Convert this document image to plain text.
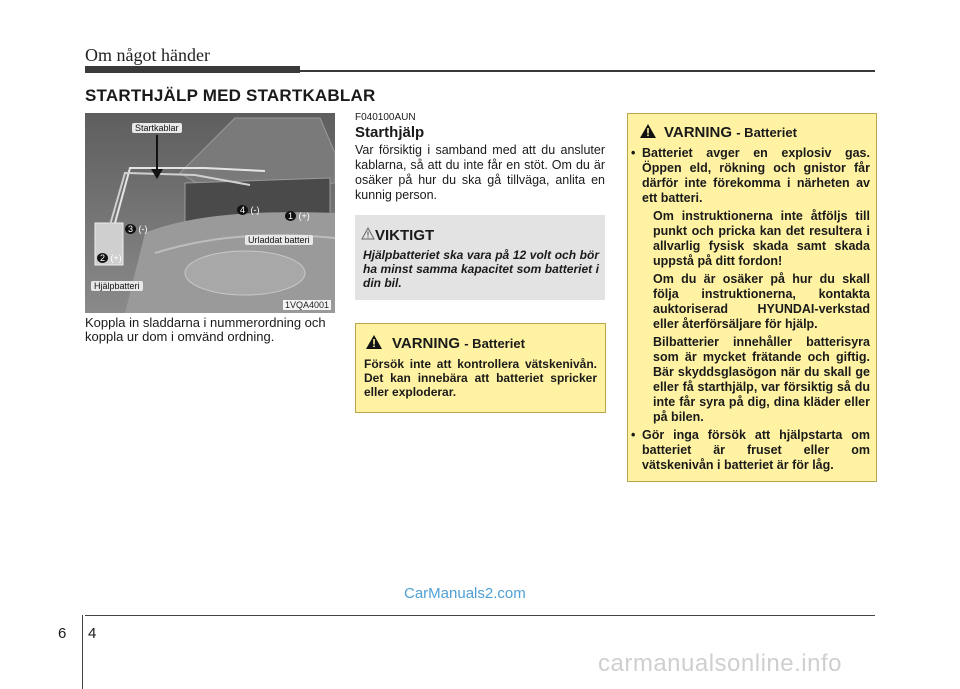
Om något händer
STARTHJÄLP MED STARTKABLAR
Startkablar
Urladdat batteri
Hjälpbatteri
1 (+)
2 (+)
3 (-)
4 (-)
1VQA4001
Koppla in sladdarna i nummerordning och koppla ur dom i omvänd ordning.
F040100AUN
Starthjälp
Var försiktig i samband med att du ansluter kablarna, så att du inte får en stöt. Om du är osäker på hur du ska gå tillväga, anlita en kunnig person.
VIKTIGT
Hjälpbatteriet ska vara på 12 volt och bör ha minst samma kapacitet som batteriet i din bil.
VARNING - Batteriet
Försök inte att kontrollera vätskenivån. Det kan innebära att batteriet spricker eller exploderar.
VARNING - Batteriet

• Batteriet avger en explosiv gas. Öppen eld, rökning och gnistor får därför inte förekomma i närheten av ett batteri.

Om instruktionerna inte åtföljs till punkt och pricka kan det resultera i allvarlig fysisk skada samt skada uppstå på ditt fordon!

Om du är osäker på hur du skall följa instruktionerna, kontakta auktoriserad HYUNDAI-verkstad eller återförsäljare för hjälp.

Bilbatterier innehåller batterisyra som är mycket frätande och giftig. Bär skyddsglasögon när du skall ge eller få starthjälp, var försiktig så du inte får syra på dig, dina kläder eller på bilen.

• Gör inga försök att hjälpstarta om batteriet är fruset eller om vätskenivån i batteriet är för låg.

CarManuals2.com
6 4
carmanualsonline.info
